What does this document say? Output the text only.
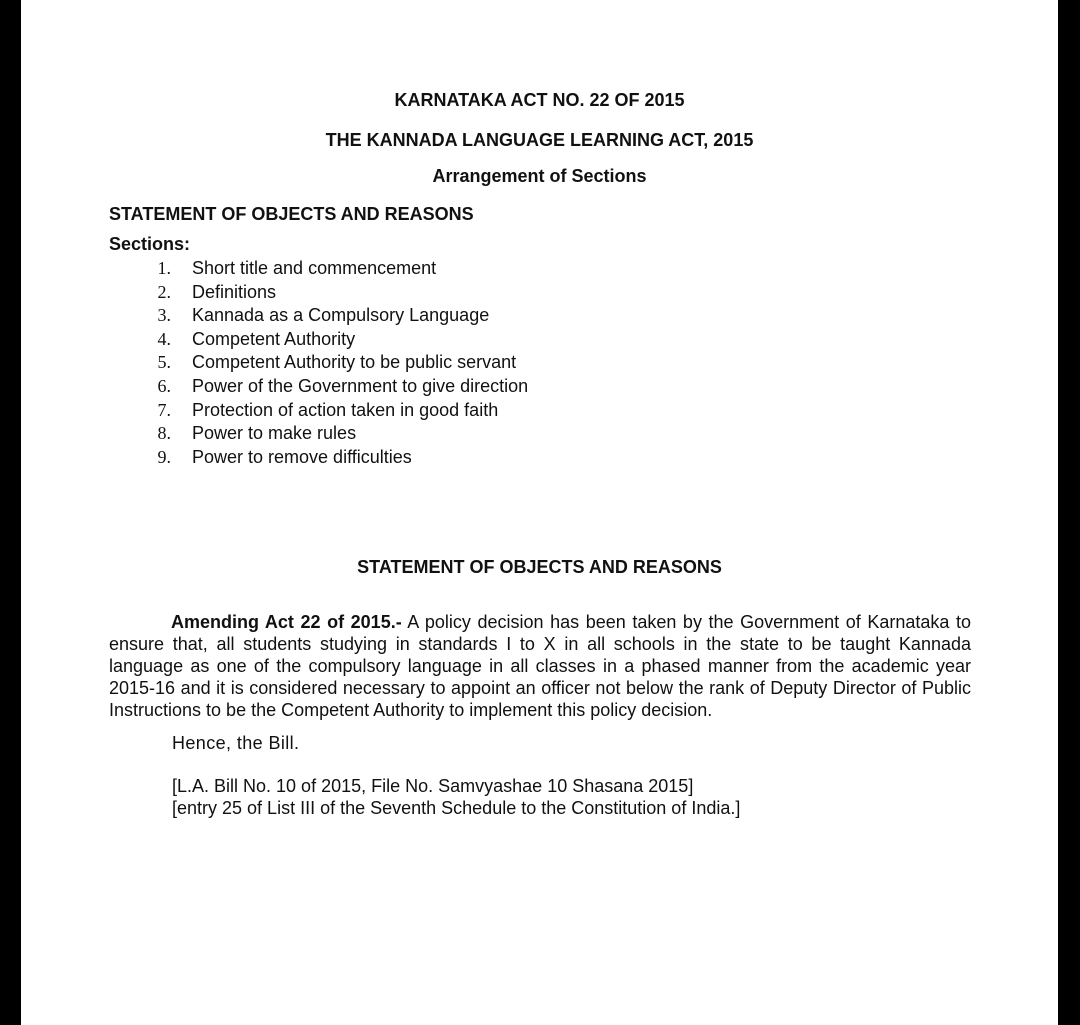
KARNATAKA ACT NO. 22 OF 2015
THE KANNADA LANGUAGE LEARNING ACT, 2015
Arrangement of Sections
STATEMENT OF OBJECTS AND REASONS
Sections:
1. Short title and commencement
2. Definitions
3. Kannada as a Compulsory Language
4. Competent Authority
5. Competent Authority to be public servant
6. Power of the Government to give direction
7. Protection of action taken in good faith
8. Power to make rules
9. Power to remove difficulties
STATEMENT OF OBJECTS AND REASONS

Amending Act 22 of 2015.- A policy decision has been taken by the Government of Karnataka to ensure that, all students studying in standards I to X in all schools in the state to be taught Kannada language as one of the compulsory language in all classes in a phased manner from the academic year 2015-16 and it is considered necessary to appoint an officer not below the rank of Deputy Director of Public Instructions to be the Competent Authority to implement this policy decision.

Hence, the Bill.
[L.A. Bill No. 10 of 2015, File No. Samvyashae 10 Shasana 2015]
[entry 25 of List III of the Seventh Schedule to the Constitution of India.]
